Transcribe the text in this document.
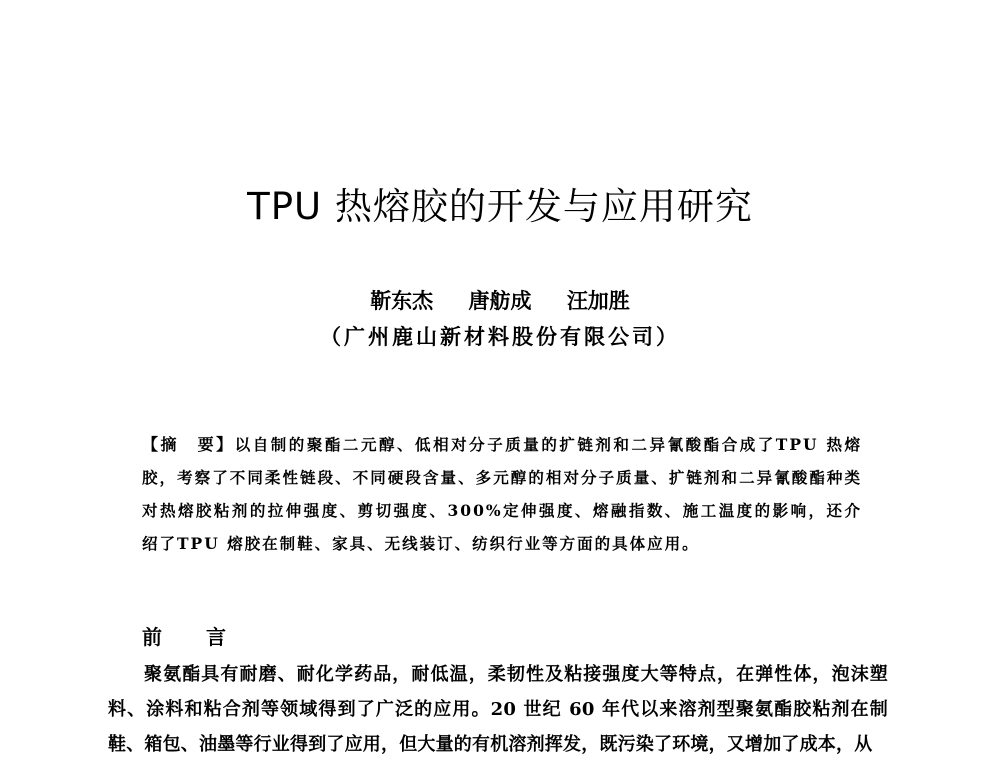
TPU 热熔胶的开发与应用研究
靳东杰 唐舫成 汪加胜
（广州鹿山新材料股份有限公司）
【摘　要】以自制的聚酯二元醇、低相对分子质量的扩链剂和二异氰酸酯合成了TPU 热熔胶，考察了不同柔性链段、不同硬段含量、多元醇的相对分子质量、扩链剂和二异氰酸酯种类对热熔胶粘剂的拉伸强度、剪切强度、300%定伸强度、熔融指数、施工温度的影响，还介绍了TPU 熔胶在制鞋、家具、无线装订、纺织行业等方面的具体应用。
前　言
聚氨酯具有耐磨、耐化学药品，耐低温，柔韧性及粘接强度大等特点，在弹性体，泡沫塑料、涂料和粘合剂等领域得到了广泛的应用。20 世纪 60 年代以来溶剂型聚氨酯胶粘剂在制鞋、箱包、油墨等行业得到了应用，但大量的有机溶剂挥发，既污染了环境，又增加了成本，从
